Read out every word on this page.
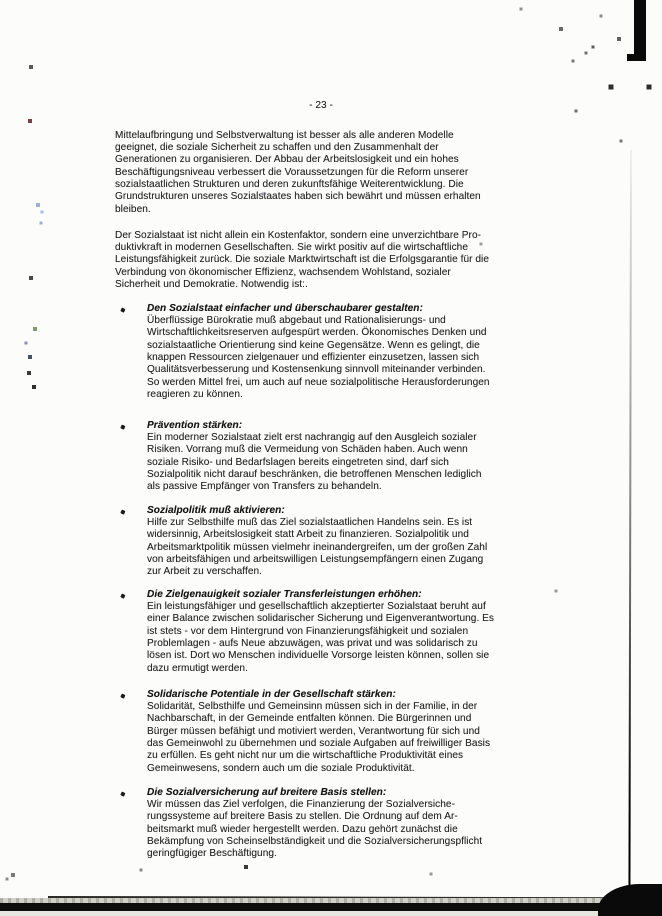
- 23 -
Mittelaufbringung und Selbstverwaltung ist besser als alle anderen Modelle
geeignet, die soziale Sicherheit zu schaffen und den Zusammenhalt der
Generationen zu organisieren. Der Abbau der Arbeitslosigkeit und ein hohes
Beschäftigungsniveau verbessert die Voraussetzungen für die Reform unserer
sozialstaatlichen Strukturen und deren zukunftsfähige Weiterentwicklung. Die
Grundstrukturen unseres Sozialstaates haben sich bewährt und müssen erhalten
bleiben.
Der Sozialstaat ist nicht allein ein Kostenfaktor, sondern eine unverzichtbare Pro-
duktivkraft in modernen Gesellschaften. Sie wirkt positiv auf die wirtschaftliche
Leistungsfähigkeit zurück. Die soziale Marktwirtschaft ist die Erfolgsgarantie für die
Verbindung von ökonomischer Effizienz, wachsendem Wohlstand, sozialer
Sicherheit und Demokratie. Notwendig ist:.
Den Sozialstaat einfacher und überschaubarer gestalten:
Überflüssige Bürokratie muß abgebaut und Rationalisierungs- und
Wirtschaftlichkeitsreserven aufgespürt werden. Ökonomisches Denken und
sozialstaatliche Orientierung sind keine Gegensätze. Wenn es gelingt, die
knappen Ressourcen zielgenauer und effizienter einzusetzen, lassen sich
Qualitätsverbesserung und Kostensenkung sinnvoll miteinander verbinden.
So werden Mittel frei, um auch auf neue sozialpolitische Herausforderungen
reagieren zu können.
Prävention stärken:
Ein moderner Sozialstaat zielt erst nachrangig auf den Ausgleich sozialer
Risiken. Vorrang muß die Vermeidung von Schäden haben. Auch wenn
soziale Risiko- und Bedarfslagen bereits eingetreten sind, darf sich
Sozialpolitik nicht darauf beschränken, die betroffenen Menschen lediglich
als passive Empfänger von Transfers zu behandeln.
Sozialpolitik muß aktivieren:
Hilfe zur Selbsthilfe muß das Ziel sozialstaatlichen Handelns sein. Es ist
widersinnig, Arbeitslosigkeit statt Arbeit zu finanzieren. Sozialpolitik und
Arbeitsmarktpolitik müssen vielmehr ineinandergreifen, um der großen Zahl
von arbeitsfähigen und arbeitswilligen Leistungsempfängern einen Zugang
zur Arbeit zu verschaffen.
Die Zielgenauigkeit sozialer Transferleistungen erhöhen:
Ein leistungsfähiger und gesellschaftlich akzeptierter Sozialstaat beruht auf
einer Balance zwischen solidarischer Sicherung und Eigenverantwortung. Es
ist stets - vor dem Hintergrund von Finanzierungsfähigkeit und sozialen
Problemlagen - aufs Neue abzuwägen, was privat und was solidarisch zu
lösen ist. Dort wo Menschen individuelle Vorsorge leisten können, sollen sie
dazu ermutigt werden.
Solidarische Potentiale in der Gesellschaft stärken:
Solidarität, Selbsthilfe und Gemeinsinn müssen sich in der Familie, in der
Nachbarschaft, in der Gemeinde entfalten können. Die Bürgerinnen und
Bürger müssen befähigt und motiviert werden, Verantwortung für sich und
das Gemeinwohl zu übernehmen und soziale Aufgaben auf freiwilliger Basis
zu erfüllen. Es geht nicht nur um die wirtschaftliche Produktivität eines
Gemeinwesens, sondern auch um die soziale Produktivität.
Die Sozialversicherung auf breitere Basis stellen:
Wir müssen das Ziel verfolgen, die Finanzierung der Sozialversiche-
rungssysteme auf breitere Basis zu stellen. Die Ordnung auf dem Ar-
beitsmarkt muß wieder hergestellt werden. Dazu gehört zunächst die
Bekämpfung von Scheinselbständigkeit und die Sozialversicherungspflicht
geringfügiger Beschäftigung.
